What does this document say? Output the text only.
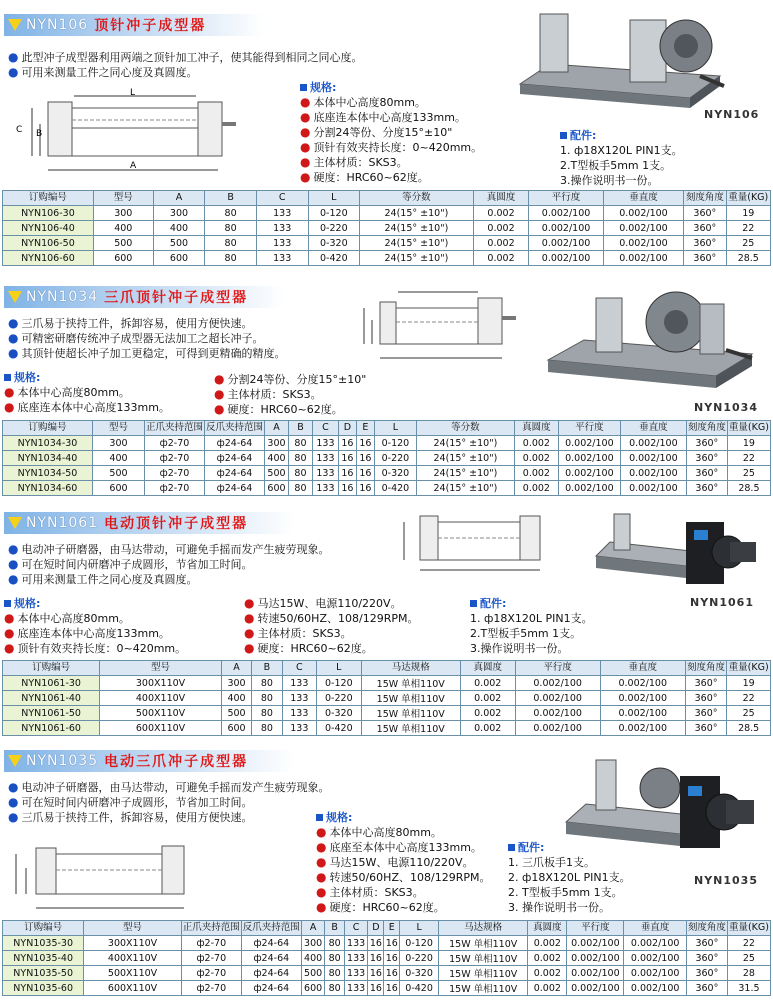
NYN106 顶针冲子成型器
● 此型冲子成型器利用两端之顶针加工冲子，使其能得到相同之同心度。
● 可用来测量工件之同心度及真圆度。
L
C B
A
规格:
● 本体中心高度80mm。
● 底座连本体中心高度133mm。
● 分割24等份、分度15°±10"
● 顶针有效夹持长度：0~420mm。
● 主体材质：SKS3。
● 硬度：HRC60~62度。
配件:
1. ф18X120L PIN1支。
2.T型板手5mm 1支。
3.操作说明书一份。
NYN106
订购编号	型号	A	B	C	L	等分数	真圆度	平行度	垂直度	刻度角度	重量(KG)
NYN106-30	300	300	80	133	0-120	24(15° ±10")	0.002	0.002/100	0.002/100	360°	19
NYN106-40	400	400	80	133	0-220	24(15° ±10")	0.002	0.002/100	0.002/100	360°	22
NYN106-50	500	500	80	133	0-320	24(15° ±10")	0.002	0.002/100	0.002/100	360°	25
NYN106-60	600	600	80	133	0-420	24(15° ±10")	0.002	0.002/100	0.002/100	360°	28.5
NYN1034 三爪顶针冲子成型器
● 三爪易于挟持工件，拆卸容易，使用方便快速。
● 可精密研磨传统冲子成型器无法加工之超长冲子。
● 其顶针使超长冲子加工更稳定，可得到更精确的精度。
规格:
● 本体中心高度80mm。
● 底座连本体中心高度133mm。
● 分割24等份、分度15°±10"
● 主体材质：SKS3。
● 硬度：HRC60~62度。	NYN1034
订购编号	型号	正爪夹持范围	反爪夹持范围	A	B	C	D	E	L	等分数	真圆度	平行度	垂直度	刻度角度	重量(KG)
NYN1034-30	300	ф2-70	ф24-64	300	80	133	16	16	0-120	24(15° ±10")	0.002	0.002/100	0.002/100	360°	19
NYN1034-40	400	ф2-70	ф24-64	400	80	133	16	16	0-220	24(15° ±10")	0.002	0.002/100	0.002/100	360°	22
NYN1034-50	500	ф2-70	ф24-64	500	80	133	16	16	0-320	24(15° ±10")	0.002	0.002/100	0.002/100	360°	25
NYN1034-60	600	ф2-70	ф24-64	600	80	133	16	16	0-420	24(15° ±10")	0.002	0.002/100	0.002/100	360°	28.5
NYN1061 电动顶针冲子成型器
● 电动冲子研磨器，由马达带动，可避免手摇而发产生疲劳现象。
● 可在短时间内研磨冲子成圆形，节省加工时间。
● 可用来测量工件之同心度及真圆度。
NYN1061
规格:
● 本体中心高度80mm。
● 底座连本体中心高度133mm。
● 顶针有效夹持长度：0~420mm。
● 马达15W、电源110/220V。
● 转速50/60HZ、108/129RPM。
● 主体材质：SKS3。
● 硬度：HRC60~62度。
配件:
1. ф18X120L PIN1支。
2.T型板手5mm 1支。
3.操作说明书一份。
订购编号	型号	A	B	C	L	马达规格	真圆度	平行度	垂直度	刻度角度	重量(KG)
NYN1061-30	300X110V	300	80	133	0-120	15W 单相110V	0.002	0.002/100	0.002/100	360°	19
NYN1061-40	400X110V	400	80	133	0-220	15W 单相110V	0.002	0.002/100	0.002/100	360°	22
NYN1061-50	500X110V	500	80	133	0-320	15W 单相110V	0.002	0.002/100	0.002/100	360°	25
NYN1061-60	600X110V	600	80	133	0-420	15W 单相110V	0.002	0.002/100	0.002/100	360°	28.5
NYN1035 电动三爪冲子成型器
● 电动冲子研磨器，由马达带动，可避免手摇而发产生疲劳现象。
● 可在短时间内研磨冲子成圆形，节省加工时间。
● 三爪易于挟持工件，拆卸容易，使用方便快速。	规格:
● 本体中心高度80mm。
● 底座至本体中心高度133mm。
● 马达15W、电源110/220V。
● 转速50/60HZ、108/129RPM。
● 主体材质：SKS3。
● 硬度：HRC60~62度。
配件:
1. 三爪板手1支。
2. ф18X120L PIN1支。
2. T型板手5mm 1支。
3. 操作说明书一份。
NYN1035
订购编号	型号	正爪夹持范围	反爪夹持范围	A	B	C	D	E	L	马达规格	真圆度	平行度	垂直度	刻度角度	重量(KG)
NYN1035-30	300X110V	ф2-70	ф24-64	300	80	133	16	16	0-120	15W 单相110V	0.002	0.002/100	0.002/100	360°	22
NYN1035-40	400X110V	ф2-70	ф24-64	400	80	133	16	16	0-220	15W 单相110V	0.002	0.002/100	0.002/100	360°	25
NYN1035-50	500X110V	ф2-70	ф24-64	500	80	133	16	16	0-320	15W 单相110V	0.002	0.002/100	0.002/100	360°	28
NYN1035-60	600X110V	ф2-70	ф24-64	600	80	133	16	16	0-420	15W 单相110V	0.002	0.002/100	0.002/100	360°	31.5
